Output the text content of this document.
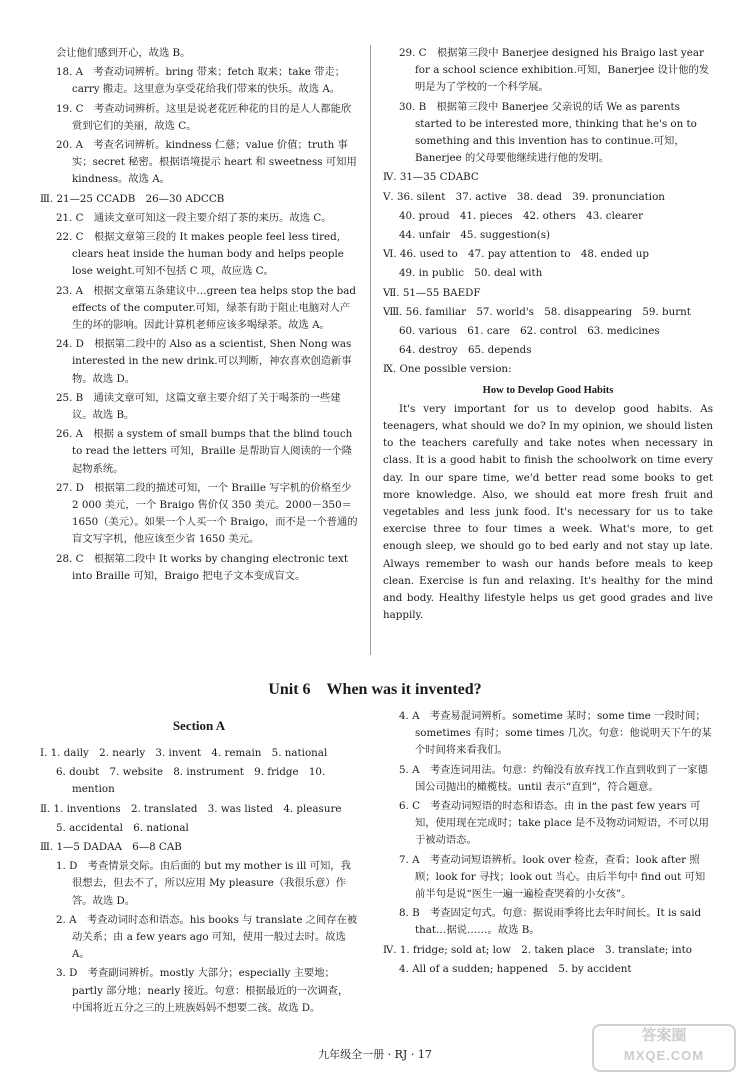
会让他们感到开心，故选 B。

18. A　考查动词辨析。bring 带来；fetch 取来；take 带走；carry 搬走。这里意为享受花给我们带来的快乐。故选 A。

19. C　考查动词辨析。这里是说老花匠种花的目的是人人都能欣赏到它们的美丽，故选 C。

20. A　考查名词辨析。kindness 仁慈；value 价值；truth 事实；secret 秘密。根据语境提示 heart 和 sweetness 可知用 kindness。故选 A。

Ⅲ. 21—25 CCADB　26—30 ADCCB

21. C　通读文章可知这一段主要介绍了茶的来历。故选 C。

22. C　根据文章第三段的 It makes people feel less tired, clears heat inside the human body and helps people lose weight.可知不包括 C 项，故应选 C。

23. A　根据文章第五条建议中…green tea helps stop the bad effects of the computer.可知，绿茶有助于阻止电脑对人产生的坏的影响。因此计算机老师应该多喝绿茶。故选 A。

24. D　根据第二段中的 Also as a scientist, Shen Nong was interested in the new drink.可以判断，神农喜欢创造新事物。故选 D。

25. B　通读文章可知，这篇文章主要介绍了关于喝茶的一些建议。故选 B。

26. A　根据 a system of small bumps that the blind touch to read the letters 可知，Braille 是帮助盲人阅读的一个隆起物系统。

27. D　根据第二段的描述可知，一个 Braille 写字机的价格至少 2 000 美元，一个 Braigo 售价仅 350 美元。2000－350＝1650（美元）。如果一个人买一个 Braigo，而不是一个普通的盲文写字机，他应该至少省 1650 美元。

28. C　根据第二段中 It works by changing electronic text into Braille 可知，Braigo 把电子文本变成盲文。

29. C　根据第三段中 Banerjee designed his Braigo last year for a school science exhibition.可知，Banerjee 设计他的发明是为了学校的一个科学展。

30. B　根据第三段中 Banerjee 父亲说的话 We as parents started to be interested more, thinking that he's on to something and this invention has to continue.可知，Banerjee 的父母要他继续进行他的发明。

Ⅳ. 31—35 CDABC

Ⅴ. 36. silent　37. active　38. dead　39. pronunciation

40. proud　41. pieces　42. others　43. clearer

44. unfair　45. suggestion(s)

Ⅵ. 46. used to　47. pay attention to　48. ended up

49. in public　50. deal with

Ⅶ. 51—55 BAEDF

Ⅷ. 56. familiar　57. world's　58. disappearing　59. burnt

60. various　61. care　62. control　63. medicines

64. destroy　65. depends

Ⅸ. One possible version:

How to Develop Good Habits

It's very important for us to develop good habits. As teenagers, what should we do? In my opinion, we should listen to the teachers carefully and take notes when necessary in class. It is a good habit to finish the schoolwork on time every day. In our spare time, we'd better read some books to get more knowledge. Also, we should eat more fresh fruit and vegetables and less junk food. It's necessary for us to take exercise three to four times a week. What's more, to get enough sleep, we should go to bed early and not stay up late. Always remember to wash our hands before meals to keep clean. Exercise is fun and relaxing. It's healthy for the mind and body. Healthy lifestyle helps us get good grades and live happily.

Unit 6　When was it invented?
Section A

Ⅰ. 1. daily　2. nearly　3. invent　4. remain　5. national

6. doubt　7. website　8. instrument　9. fridge　10. mention

Ⅱ. 1. inventions　2. translated　3. was listed　4. pleasure

5. accidental　6. national

Ⅲ. 1—5 DADAA　6—8 CAB

1. D　考查情景交际。由后面的 but my mother is ill 可知，我很想去，但去不了，所以应用 My pleasure（我很乐意）作答。故选 D。

2. A　考查动词时态和语态。his books 与 translate 之间存在被动关系；由 a few years ago 可知，使用一般过去时。故选 A。

3. D　考查副词辨析。mostly 大部分；especially 主要地；partly 部分地；nearly 接近。句意：根据最近的一次调查，中国将近五分之三的上班族妈妈不想要二孩。故选 D。

4. A　考查易混词辨析。sometime 某时；some time 一段时间；sometimes 有时；some times 几次。句意：他说明天下午的某个时间将来看我们。

5. A　考查连词用法。句意：约翰没有放弃找工作直到收到了一家德国公司抛出的橄榄枝。until 表示“直到”，符合题意。

6. C　考查动词短语的时态和语态。由 in the past few years 可知，使用现在完成时；take place 是不及物动词短语，不可以用于被动语态。

7. A　考查动词短语辨析。look over 检查，查看；look after 照顾；look for 寻找；look out 当心。由后半句中 find out 可知前半句是说“医生一遍一遍检查哭着的小女孩”。

8. B　考查固定句式。句意：据说雨季将比去年时间长。It is said that…据说……。故选 B。

Ⅳ. 1. fridge; sold at; low　2. taken place　3. translate; into

4. All of a sudden; happened　5. by accident

九年级全一册 · RJ · 17
答案圈
MXQE.COM
